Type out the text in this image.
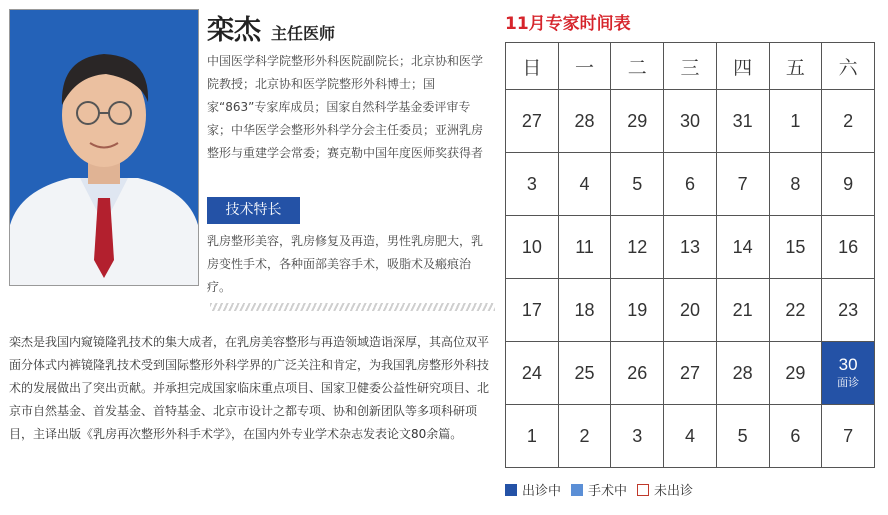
栾杰 主任医师
中国医学科学院整形外科医院副院长；北京协和医学院教授；北京协和医学院整形外科博士；国家“863”专家库成员；国家自然科学基金委评审专家；中华医学会整形外科学分会主任委员；亚洲乳房整形与重建学会常委；赛克勒中国年度医师奖获得者
技术特长
乳房整形美容，乳房修复及再造，男性乳房肥大，乳房变性手术，各种面部美容手术，吸脂术及瘢痕治疗。
栾杰是我国内窥镜隆乳技术的集大成者，在乳房美容整形与再造领域造诣深厚，其高位双平面分体式内裤镜隆乳技术受到国际整形外科学界的广泛关注和肯定，为我国乳房整形外科技术的发展做出了突出贡献。并承担完成国家临床重点项目、国家卫健委公益性研究项目、北京市自然基金、首发基金、首特基金、北京市设计之都专项、协和创新团队等多项科研项目，主译出版《乳房再次整形外科手术学》，在国内外专业学术杂志发表论文80余篇。
11月专家时间表
日	一	二	三	四	五	六
27	28	29	30	31	1	2
3	4	5	6	7	8	9
10	11	12	13	14	15	16
17	18	19	20	21	22	23
24	25	26	27	28	29	30
面诊

1	2	3	4	5	6	7
出诊中 手术中 未出诊
